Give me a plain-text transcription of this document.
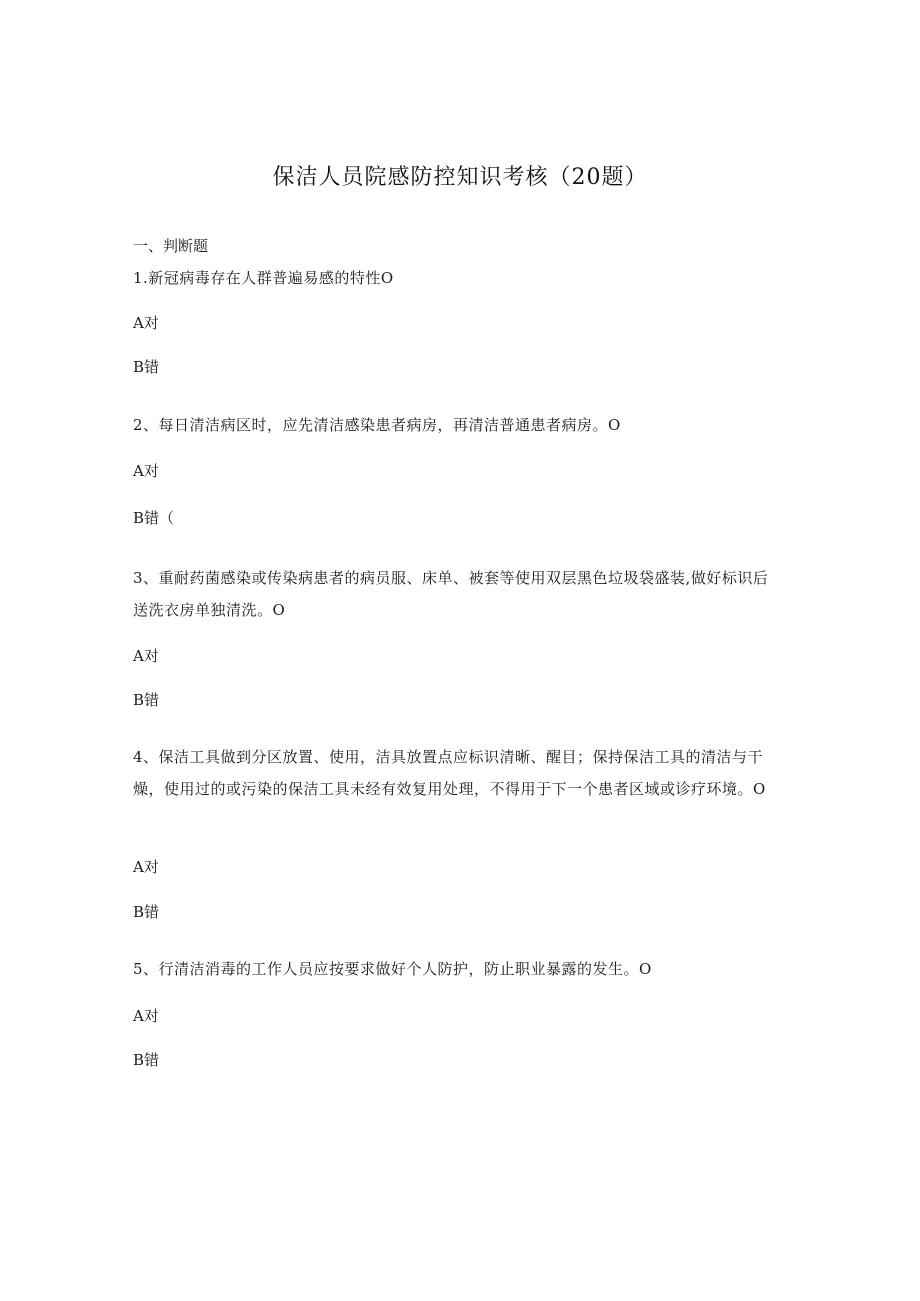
保洁人员院感防控知识考核（20题）
一、判断题
1.新冠病毒存在人群普遍易感的特性O
A对
B错
2、每日清洁病区时，应先清洁感染患者病房，再清洁普通患者病房。O
A对
B错（
3、重耐药菌感染或传染病患者的病员服、床单、被套等使用双层黑色垃圾袋盛装,做好标识后送洗衣房单独清洗。O
A对
B错
4、保洁工具做到分区放置、使用，洁具放置点应标识清晰、醒目；保持保洁工具的清洁与干燥，使用过的或污染的保洁工具未经有效复用处理，不得用于下一个患者区域或诊疗环境。O
A对
B错
5、行清洁消毒的工作人员应按要求做好个人防护，防止职业暴露的发生。O
A对
B错
